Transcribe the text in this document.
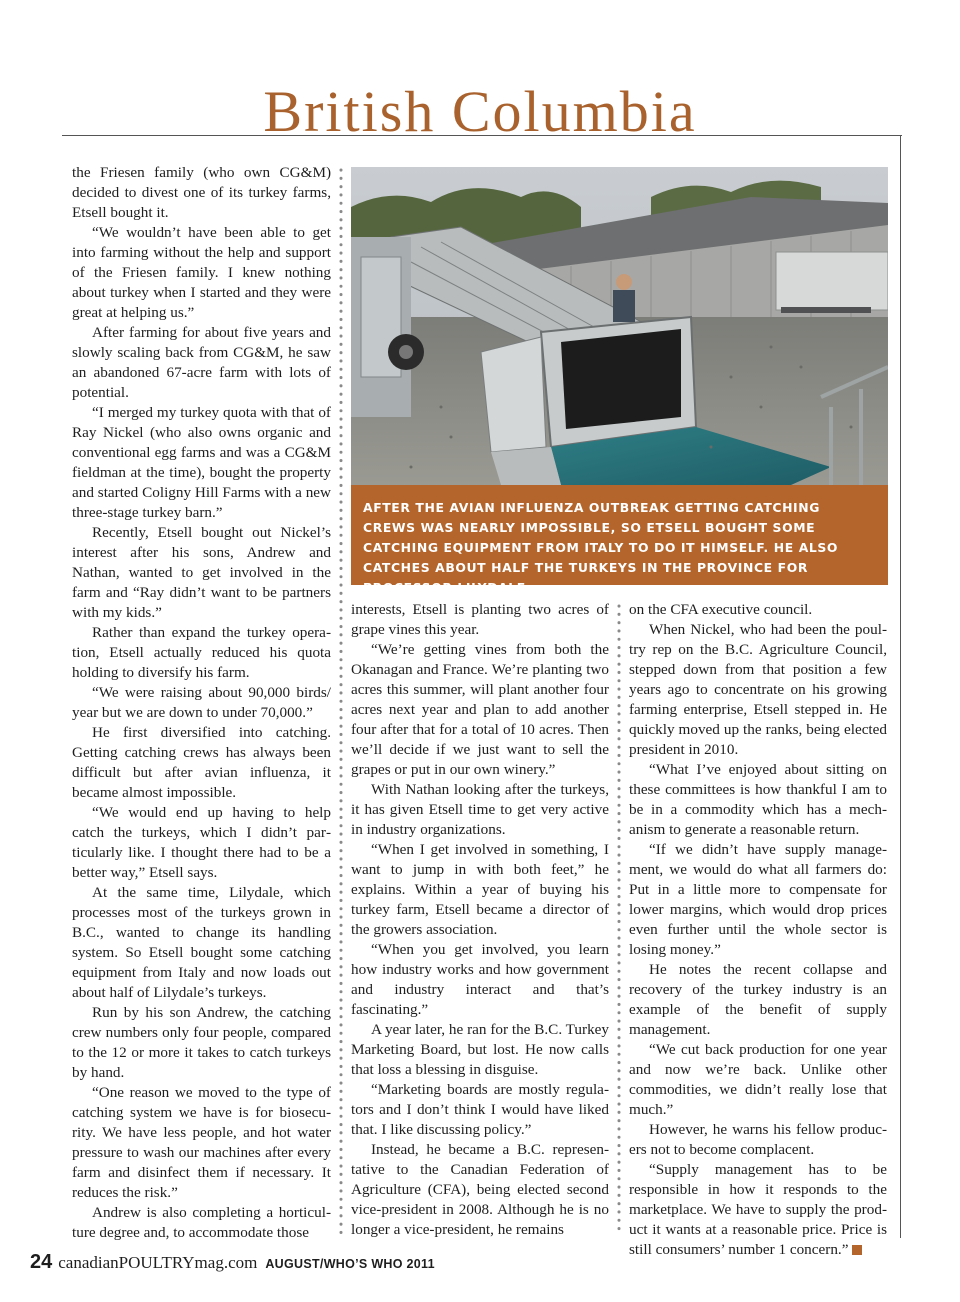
British Columbia

the Friesen family (who own CG&M) decided to divest one of its turkey farms, Etsell bought it.

“We wouldn’t have been able to get into farming without the help and support of the Friesen family. I knew nothing about turkey when I started and they were great at helping us.”

After farming for about five years and slowly scaling back from CG&M, he saw an abandoned 67-acre farm with lots of potential.

“I merged my turkey quota with that of Ray Nickel (who also owns organic and conventional egg farms and was a CG&M fieldman at the time), bought the property and started Coligny Hill Farms with a new three-stage turkey barn.”

Recently, Etsell bought out Nickel’s interest after his sons, Andrew and Nathan, wanted to get involved in the farm and “Ray didn’t want to be partners with my kids.”

Rather than expand the turkey operation, Etsell actually reduced his quota holding to diversify his farm.

“We were raising about 90,000 birds/ year but we are down to under 70,000.”

He first diversified into catching. Getting catching crews has always been difficult but after avian influenza, it became almost impossible.

“We would end up having to help catch the turkeys, which I didn’t particularly like. I thought there had to be a better way,” Etsell says.

At the same time, Lilydale, which processes most of the turkeys grown in B.C., wanted to change its handling system. So Etsell bought some catching equipment from Italy and now loads out about half of Lilydale’s turkeys.

Run by his son Andrew, the catching crew numbers only four people, compared to the 12 or more it takes to catch turkeys by hand.

“One reason we moved to the type of catching system we have is for biosecurity. We have less people, and hot water pressure to wash our machines after every farm and disinfect them if necessary. It reduces the risk.”

Andrew is also completing a horticulture degree and, to accommodate those

AFTER THE AVIAN INFLUENZA OUTBREAK GETTING CATCHING CREWS WAS NEARLY IMPOSSIBLE, SO ETSELL BOUGHT SOME CATCHING EQUIPMENT FROM ITALY TO DO IT HIMSELF. HE ALSO CATCHES ABOUT HALF THE TURKEYS IN THE PROVINCE FOR PROCESSOR LILYDALE.

interests, Etsell is planting two acres of grape vines this year.

“We’re getting vines from both the Okanagan and France. We’re planting two acres this summer, will plant another four acres next year and plan to add another four after that for a total of 10 acres. Then we’ll decide if we just want to sell the grapes or put in our own winery.”

With Nathan looking after the turkeys, it has given Etsell time to get very active in industry organizations.

“When I get involved in something, I want to jump in with both feet,” he explains. Within a year of buying his turkey farm, Etsell became a director of the growers association.

“When you get involved, you learn how industry works and how government and industry interact and that’s fascinating.”

A year later, he ran for the B.C. Turkey Marketing Board, but lost. He now calls that loss a blessing in disguise.

“Marketing boards are mostly regulators and I don’t think I would have liked that. I like discussing policy.”

Instead, he became a B.C. representative to the Canadian Federation of Agriculture (CFA), being elected second vice-president in 2008. Although he is no longer a vice-president, he remains

on the CFA executive council.

When Nickel, who had been the poultry rep on the B.C. Agriculture Council, stepped down from that position a few years ago to concentrate on his growing farming enterprise, Etsell stepped in. He quickly moved up the ranks, being elected president in 2010.

“What I’ve enjoyed about sitting on these committees is how thankful I am to be in a commodity which has a mechanism to generate a reasonable return.

“If we didn’t have supply management, we would do what all farmers do: Put in a little more to compensate for lower margins, which would drop prices even further until the whole sector is losing money.”

He notes the recent collapse and recovery of the turkey industry is an example of the benefit of supply management.

“We cut back production for one year and now we’re back. Unlike other commodities, we didn’t really lose that much.”

However, he warns his fellow producers not to become complacent.

“Supply management has to be responsible in how it responds to the marketplace. We have to supply the product it wants at a reasonable price. Price is still consumers’ number 1 concern.”

24 canadianPOULTRYmag.com AUGUST/WHO’S WHO 2011
